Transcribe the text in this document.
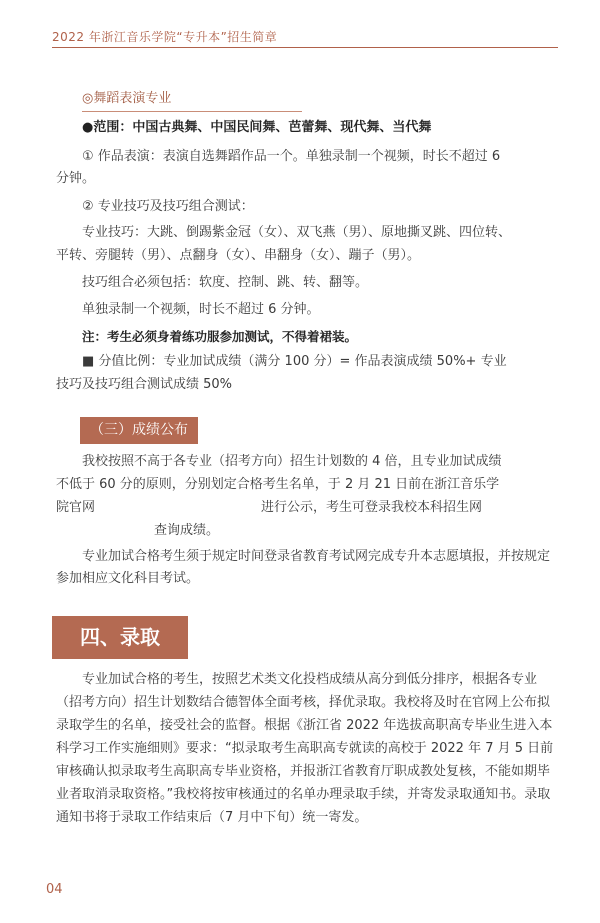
2022 年浙江音乐学院“专升本”招生简章
◎舞蹈表演专业
●范围：中国古典舞、中国民间舞、芭蕾舞、现代舞、当代舞
① 作品表演：表演自选舞蹈作品一个。单独录制一个视频，时长不超过 6
分钟。
② 专业技巧及技巧组合测试：
专业技巧：大跳、倒踢紫金冠（女）、双飞燕（男）、原地撕叉跳、四位转、
平转、旁腿转（男）、点翻身（女）、串翻身（女）、蹦子（男）。
技巧组合必须包括：软度、控制、跳、转、翻等。
单独录制一个视频，时长不超过 6 分钟。
注：考生必须身着练功服参加测试，不得着裙装。
■ 分值比例：专业加试成绩（满分 100 分）= 作品表演成绩 50%+ 专业
技巧及技巧组合测试成绩 50%
（三）成绩公布
我校按照不高于各专业（招考方向）招生计划数的 4 倍，且专业加试成绩
不低于 60 分的原则，分别划定合格考生名单，于 2 月 21 日前在浙江音乐学
院官网	进行公示，考生可登录我校本科招生网
查询成绩。
专业加试合格考生须于规定时间登录省教育考试网完成专升本志愿填报，并按规定参加相应文化科目考试。
四、录取
专业加试合格的考生，按照艺术类文化投档成绩从高分到低分排序，根据各专业（招考方向）招生计划数结合德智体全面考核，择优录取。我校将及时在官网上公布拟录取学生的名单，接受社会的监督。根据《浙江省 2022 年选拔高职高专毕业生进入本科学习工作实施细则》要求：“拟录取考生高职高专就读的高校于 2022 年 7 月 5 日前审核确认拟录取考生高职高专毕业资格，并报浙江省教育厅职成教处复核，不能如期毕业者取消录取资格。”我校将按审核通过的名单办理录取手续，并寄发录取通知书。录取通知书将于录取工作结束后（7 月中下旬）统一寄发。
04
